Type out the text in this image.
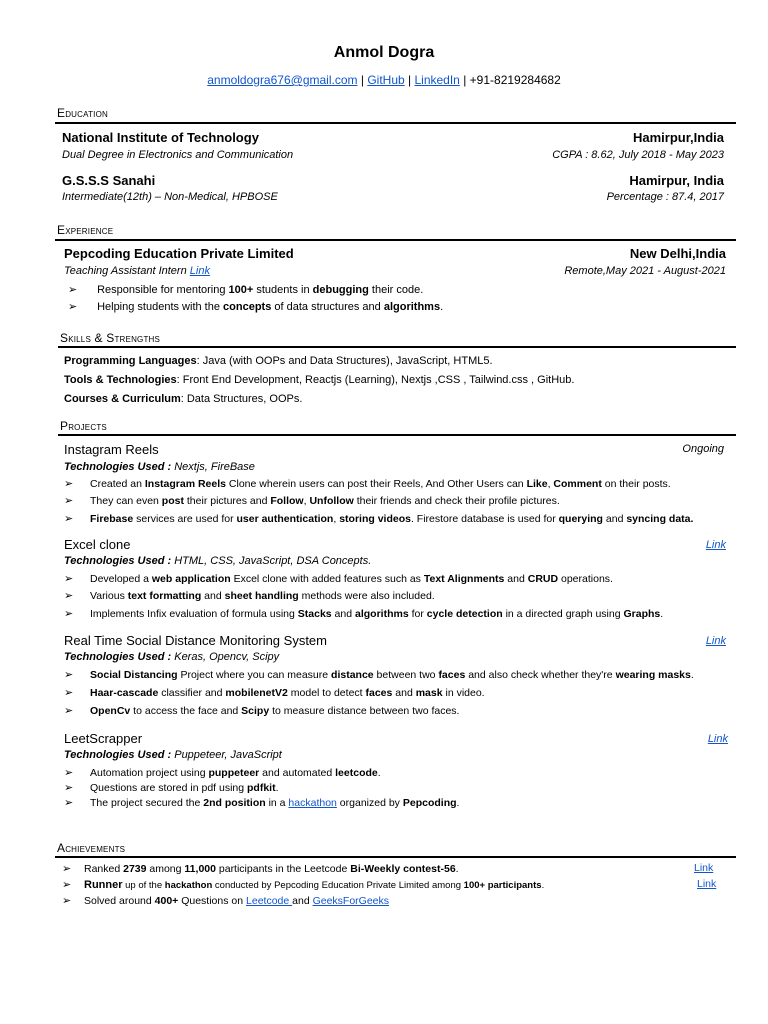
Anmol Dogra
anmoldogra676@gmail.com | GitHub | LinkedIn | +91-8219284682
Education
National Institute of Technology	Hamirpur,India
Dual Degree in Electronics and Communication	CGPA : 8.62, July 2018 - May 2023
G.S.S.S Sanahi	Hamirpur, India
Intermediate(12th) – Non-Medical, HPBOSE	Percentage : 87.4, 2017
Experience
Pepcoding Education Private Limited	New Delhi,India
Teaching Assistant Intern Link	Remote,May 2021 - August-2021
➢ Responsible for mentoring 100+ students in debugging their code.
➢ Helping students with the concepts of data structures and algorithms.
Skills & Strengths
Programming Languages: Java (with OOPs and Data Structures), JavaScript, HTML5.
Tools & Technologies: Front End Development, Reactjs (Learning), Nextjs ,CSS , Tailwind.css , GitHub.
Courses & Curriculum: Data Structures, OOPs.
Projects
Instagram Reels	Ongoing
Technologies Used : Nextjs, FireBase
➢ Created an Instagram Reels Clone wherein users can post their Reels, And Other Users can Like, Comment on their posts.
➢ They can even post their pictures and Follow, Unfollow their friends and check their profile pictures.
➢ Firebase services are used for user authentication, storing videos. Firestore database is used for querying and syncing data.
Excel clone	Link
Technologies Used : HTML, CSS, JavaScript, DSA Concepts.
➢ Developed a web application Excel clone with added features such as Text Alignments and CRUD operations.
➢ Various text formatting and sheet handling methods were also included.
➢ Implements Infix evaluation of formula using Stacks and algorithms for cycle detection in a directed graph using Graphs.
Real Time Social Distance Monitoring System	Link
Technologies Used : Keras, Opencv, Scipy
➢ Social Distancing Project where you can measure distance between two faces and also check whether they're wearing masks.
➢ Haar-cascade classifier and mobilenetV2 model to detect faces and mask in video.
➢ OpenCv to access the face and Scipy to measure distance between two faces.
LeetScrapper	Link
Technologies Used : Puppeteer, JavaScript
➢ Automation project using puppeteer and automated leetcode.
➢ Questions are stored in pdf using pdfkit.
➢ The project secured the 2nd position in a hackathon organized by Pepcoding.
Achievements
➢ Ranked 2739 among 11,000 participants in the Leetcode Bi-Weekly contest-56.	Link
➢ Runner up of the hackathon conducted by Pepcoding Education Private Limited among 100+ participants.	Link
➢ Solved around 400+ Questions on Leetcode and GeeksForGeeks
